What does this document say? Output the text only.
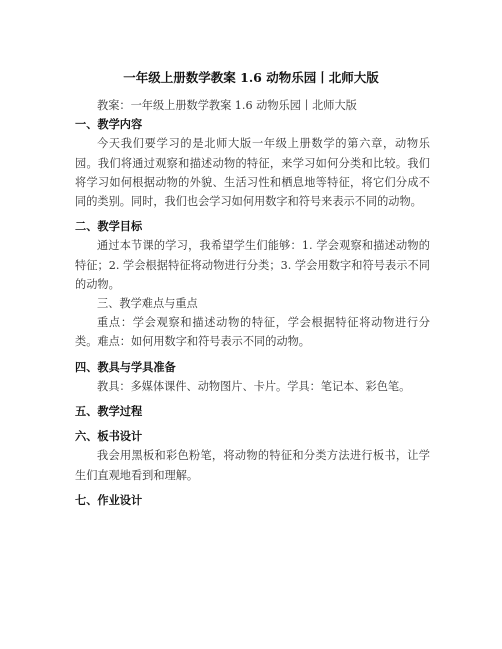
一年级上册数学教案 1.6 动物乐园丨北师大版

教案：一年级上册数学教案 1.6 动物乐园丨北师大版

一、教学内容

今天我们要学习的是北师大版一年级上册数学的第六章，动物乐园。我们将通过观察和描述动物的特征，来学习如何分类和比较。我们将学习如何根据动物的外貌、生活习性和栖息地等特征，将它们分成不同的类别。同时，我们也会学习如何用数字和符号来表示不同的动物。

二、教学目标

通过本节课的学习，我希望学生们能够：1. 学会观察和描述动物的特征；2. 学会根据特征将动物进行分类；3. 学会用数字和符号表示不同的动物。

三、教学难点与重点

重点：学会观察和描述动物的特征，学会根据特征将动物进行分类。难点：如何用数字和符号表示不同的动物。

四、教具与学具准备

教具：多媒体课件、动物图片、卡片。学具：笔记本、彩色笔。

五、教学过程

六、板书设计

我会用黑板和彩色粉笔，将动物的特征和分类方法进行板书，让学生们直观地看到和理解。

七、作业设计
